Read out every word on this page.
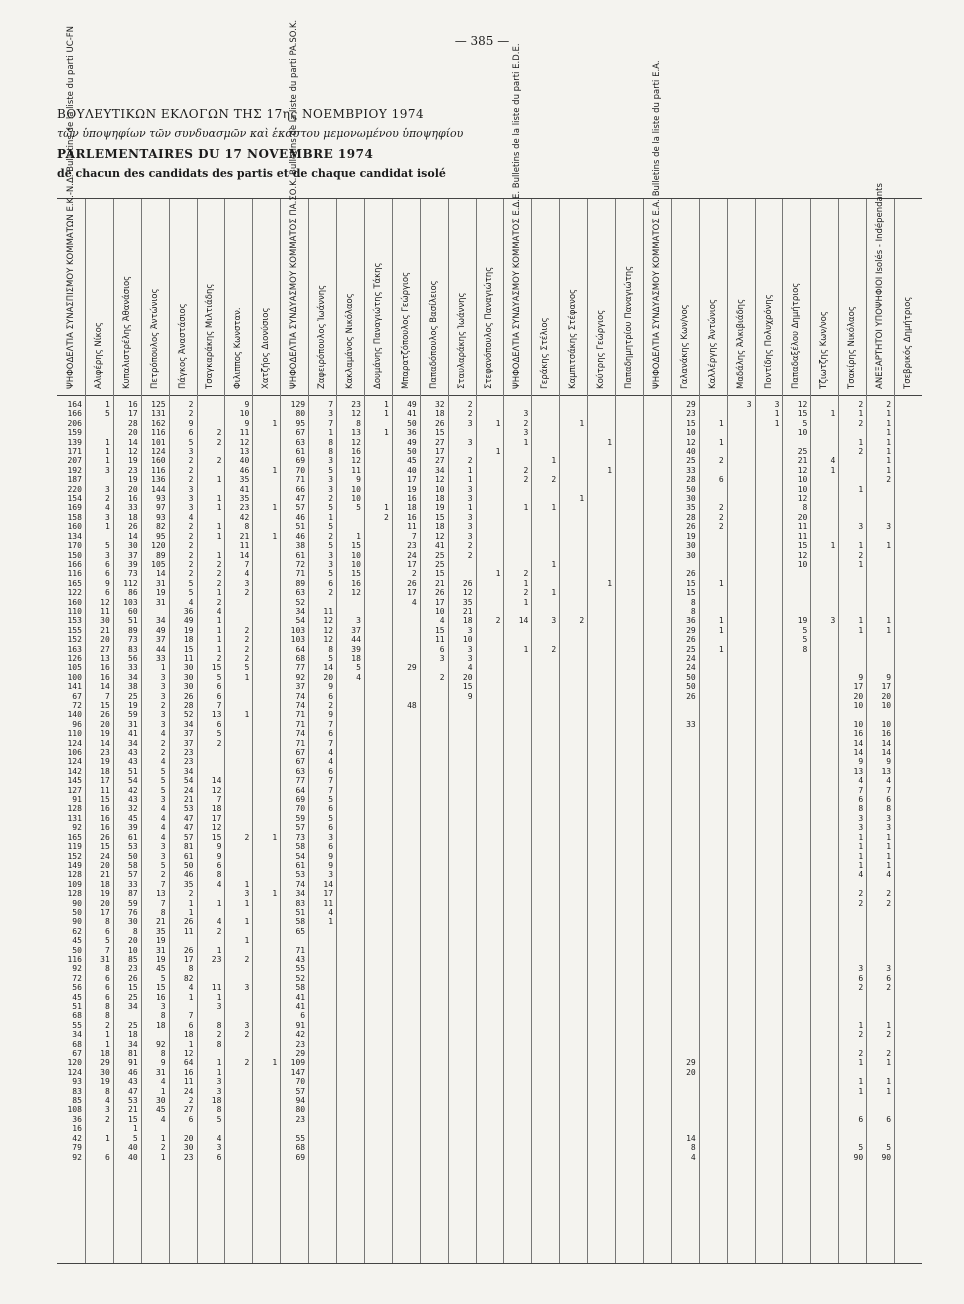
— 385 —
ΒΟΥΛΕΥΤΙΚΩΝ ΕΚΛΟΓΩΝ ΤΗΣ 17ης ΝΟΕΜΒΡΙΟΥ 1974
τῶν ὑποψηφίων τῶν συνδυασμῶν καὶ ἑκάστου μεμονωμένου ὑποψηφίου
PARLEMENTAIRES DU 17 NOVEMBRE 1974
de chacun des candidats des partis et de chaque candidat isolé
ΨΗΦΟΔΕΛΤΙΑ ΣΥΝΑΣΠΙΣΜΟΥ ΚΟΜΜΑΤΩΝ Ε.Κ.-Ν.Δ. Bulletins de la liste du parti UC-FN Αλιφέρης Νίκος Κυπαλιστρέλης Ἀθανάσιος Πετρόπουλος Ἀντώνιος Πάγκος Ἀναστάσιος Τσαγκαράκης Μιλτιάδης Φιλιππος Κωνσταν. Χατζήος Διονύσιος ΨΗΦΟΔΕΛΤΙΑ ΣΥΝΔΥΑΣΜΟΥ ΚΟΜΜΑΤΟΣ ΠΑ.ΣΟ.Κ. Bulletins de la liste du parti PA.SO.K. Ζαφειρόπουλος Ἰωάννης Κακλαμάνος Νικόλαος Δουμάνης Παναγιώτης Τάκης Μπαρατζόπουλος Γεώργιος Παπαδόπουλος Βασίλειος Σταυλαράκης Ἰωάννης Στεφανόπουλος Παναγιώτης ΨΗΦΟΔΕΛΤΙΑ ΣΥΝΔΥΑΣΜΟΥ ΚΟΜΜΑΤΟΣ Ε.Δ.Ε. Bulletins de la liste du parti E.D.E. Γεράκης Στέλιος Καμπιτσάκης Στέφανος Κούτρης Γεώργιος Παπαδημητρίου Παναγιώτης ΨΗΦΟΔΕΛΤΙΑ ΣΥΝΔΥΑΣΜΟΥ ΚΟΜΜΑΤΟΣ Ε.Α. Bulletins de la liste du parti E.A. Γαλανάκης Κων/νος Καλλέργης Ἀντώνιος Μαδάλης Ἀλκιβιάδης Ποντίδης Πολυχρόνης Παπαδαξέλου Δημήτριος Τζιωτζης Κων/νος Τσακίρης Νικόλαος ΑΝΕΞΑΡΤΗΤΟΙ ΥΠΟΨΗΦΙΟΙ Isolés - Indépendants Τσεβρικός Δημήτριος
164
166
206
159
139
171
207
192
187
220
154
169
158
160
134
170
150
166
116
165
122
160
110
153
155
152
163
126
105
100
141
67
72
140
96
110
124
106
124
142
145
127
91
128
131
92
165
119
152
149
128
109
128
90
50
90
62
45
50
116
92
72
56
45
51
68
55
34
68
67
120
124
93
83
85
108
36
16
42
79
92
1
5
1
1
1
3
3
2
4
3
1
5
3
6
6
9
6
12
11
30
21
20
27
13
16
16
14
7
15
26
20
19
14
23
19
18
17
11
15
16
16
16
26
15
24
20
21
18
19
20
17
8
6
5
7
31
8
6
6
6
8
8
2
1
1
18
29
30
19
8
4
3
2
1
6
16
17
28
20
14
12
19
23
19
20
16
33
18
26
14
30
37
39
73
112
86
103
60
51
89
73
83
56
33
34
38
25
19
59
31
41
34
43
43
51
54
42
43
32
45
39
61
53
50
58
57
33
87
59
76
30
8
20
10
85
23
26
15
25
34
25
18
34
81
91
46
43
47
53
21
15
1
5
40
40
125
131
162
116
101
124
160
116
136
144
93
97
93
82
95
120
89
105
14
31
19
31
34
49
37
44
33
1
3
3
3
2
3
3
4
2
2
4
5
5
5
3
4
4
4
4
3
3
5
2
7
13
7
8
21
35
19
31
19
45
5
15
16
3
8
18
92
8
9
31
4
1
30
45
4
1
2
1
2
2
9
6
5
3
2
2
2
3
3
3
4
2
2
2
2
2
2
5
5
4
36
49
19
18
15
11
30
30
30
26
28
52
34
37
37
23
23
34
54
24
21
53
47
47
57
81
61
50
46
35
2
1
1
26
11
26
17
8
82
4
1
7
6
18
1
12
64
16
11
24
2
27
6
20
30
23
2
2
2
1
1
1
1
1
1
2
2
2
1
2
4
1
1
1
1
2
15
5
6
6
7
13
6
5
2
14
12
7
18
17
12
15
9
9
6
8
4
1
4
2
1
23
11
1
3
8
2
8
1
1
3
3
18
8
5
4
3
6
9
10
9
11
12
13
40
46
35
41
35
23
42
8
21
11
14
7
4
3
2
2
2
2
2
5
1
1
2
1
3
1
1
1
2
3
3
2
2
1
1
1
1
1
1
1
129
80
95
67
63
61
69
70
71
66
47
57
46
51
46
38
61
72
71
89
63
52
34
54
103
103
64
68
77
92
37
74
74
71
71
74
71
67
67
63
77
64
69
70
59
57
73
58
54
61
53
74
34
83
51
58
65
71
43
55
52
58
41
41
6
91
42
23
29
109
147
70
57
94
80
23
55
68
69
7
3
7
1
8
8
3
5
3
3
2
5
1
5
2
5
3
3
5
6
2
11
12
12
12
8
5
14
20
9
6
2
9
7
6
7
4
4
6
7
7
5
6
5
6
3
6
9
9
3
14
17
11
4
1
23
12
8
13
12
16
12
11
9
10
10
5
1
15
10
10
15
16
12
3
37
44
39
18
5
4
1
1
1
1
2
49
41
50
36
49
50
45
40
17
19
16
18
16
11
7
23
24
17
2
26
17
4
29
48
32
18
26
15
27
17
27
34
12
10
18
19
15
18
12
41
25
25
15
21
26
17
10
4
15
11
6
3
2
2
2
3
3
2
1
1
3
3
1
3
3
3
2
2
26
12
35
21
18
3
10
3
3
4
20
15
9
1
1
1
2
3
2
3
1
2
2
1
2
1
2
1
14
1
1
2
1
1
1
3
2
1
1
2
1
1
1
29
23
15
10
12
40
25
33
28
50
30
35
28
26
19
30
30
26
15
15
8
8
36
29
26
25
24
24
50
50
26
33
29
20
14
8
4
1
1
2
6
2
2
2
1
1
1
1
3	3
1
1
12
15
5
10
25
21
12
10
10
12
8
20
11
11
15
12
10
19
5
5
8
1
4
1
1
3
2
1
2
1
2
1
3
1
2
1
1
1
9
17
20
10
10
16
14
14
9
13
4
7
6
8
3
3
1
1
1
1
4
2
2
3
6
2
1
2
2
1
1
1
6
5
90
2
1
1
1
1
1
1
1
2
3
1
1
1
9
17
20
10
10
16
14
14
9
13
4
7
6
8
3
3
1
1
1
1
4
2
2
3
6
2
1
2
2
1
1
1
6
5
90
